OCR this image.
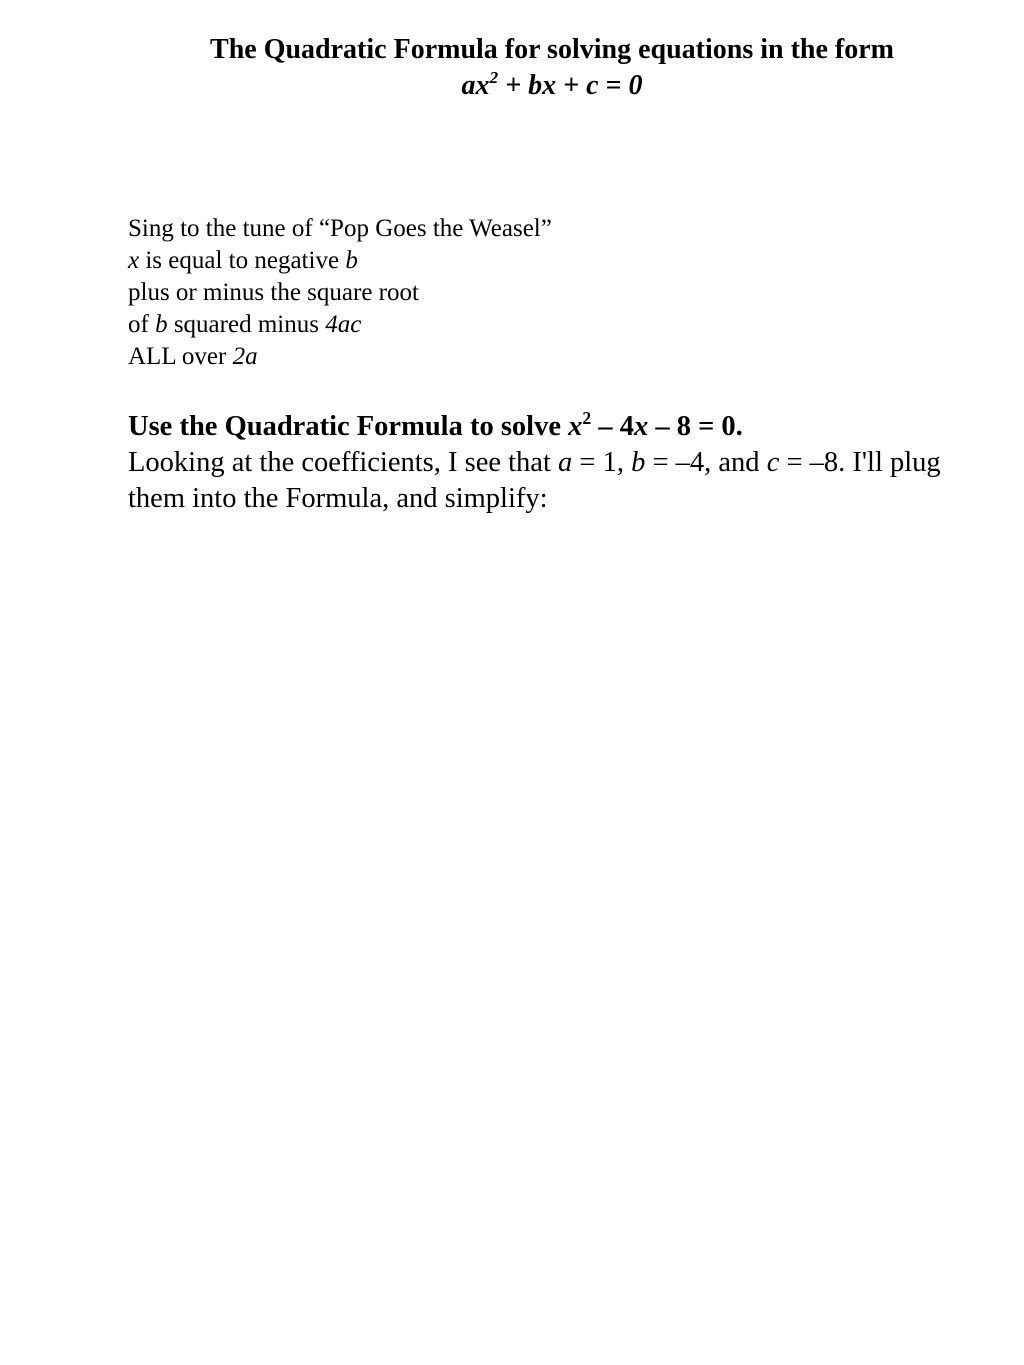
The Quadratic Formula for solving equations in the form
$ax^2$ + bx + c = 0
Sing to the tune of “Pop Goes the Weasel”
x is equal to negative b
plus or minus the square root
of b squared minus 4ac
ALL over 2a
Use the Quadratic Formula to solve $x^2 - 4x - 8 = 0$.
Looking at the coefficients, I see that a = 1, b = –4, and c = –8. I'll plug them into the Formula, and simplify:
